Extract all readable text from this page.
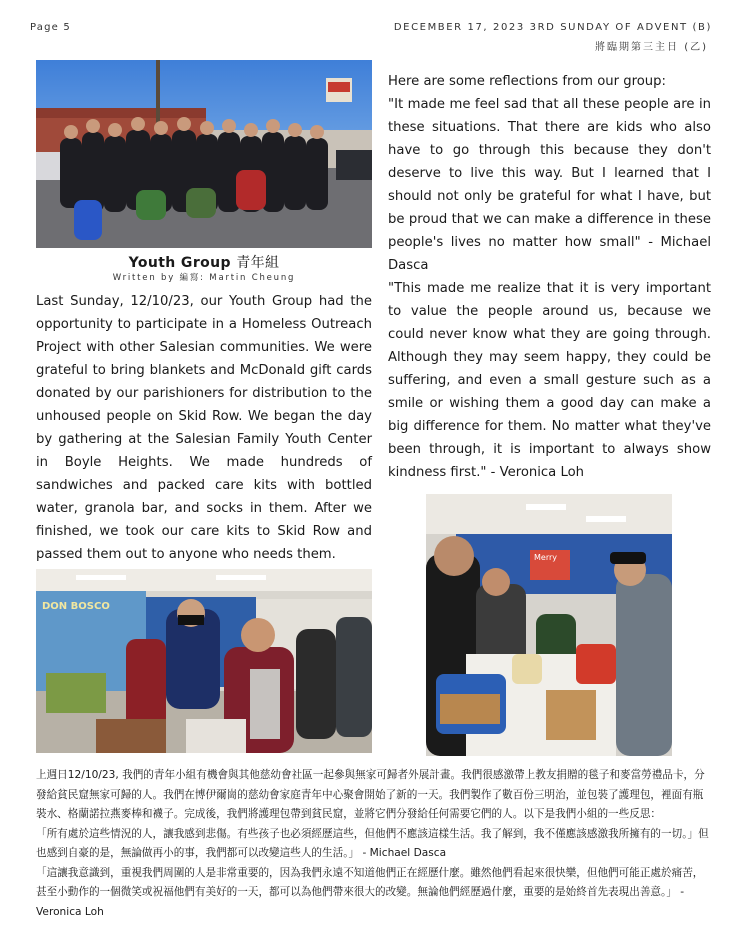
Page 5	DECEMBER 17, 2023 3RD SUNDAY OF ADVENT (B)
將臨期第三主日 (乙)
Youth Group 青年組
Written by 編寫: Martin Cheung

Last Sunday, 12/10/23, our Youth Group had the opportunity to participate in a Homeless Outreach Project with other Salesian communities. We were grateful to bring blankets and McDonald gift cards donated by our parishioners for distribution to the unhoused people on Skid Row. We began the day by gathering at the Salesian Family Youth Center in Boyle Heights. We made hundreds of sandwiches and packed care kits with bottled water, granola bar, and socks in them. After we finished, we took our care kits to Skid Row and passed them out to anyone who needs them.

Here are some reflections from our group:

"It made me feel sad that all these people are in these situations. That there are kids who also have to go through this because they don't deserve to live this way. But I learned that I should not only be grateful for what I have, but be proud that we can make a difference in these people's lives no matter how small" - Michael Dasca

"This made me realize that it is very important to value the people around us, because we could never know what they are going through. Although they may seem happy, they could be suffering, and even a small gesture such as a smile or wishing them a good day can make a big difference for them. No matter what they've been through, it is important to always show kindness first." - Veronica Loh

DON BOSCO
Merry

上週日12/10/23, 我們的青年小組有機會與其他慈幼會社區一起參與無家可歸者外展計畫。我們很感激帶上教友捐贈的毯子和麥當勞禮品卡，分發給貧民窟無家可歸的人。我們在博伊爾崗的慈幼會家庭青年中心聚會開始了新的一天。我們製作了數百份三明治，並包裝了護理包，裡面有瓶裝水、格蘭諾拉燕麥棒和襪子。完成後，我們將護理包帶到貧民窟，並將它們分發給任何需要它們的人。以下是我們小組的一些反思：

「所有處於這些情況的人，讓我感到悲傷。有些孩子也必須經歷這些，但他們不應該這樣生活。我了解到，我不僅應該感激我所擁有的一切。」但也感到自豪的是，無論做再小的事，我們都可以改變這些人的生活。」 - Michael Dasca

「這讓我意識到，重視我們周圍的人是非常重要的，因為我們永遠不知道他們正在經歷什麼。雖然他們看起來很快樂，但他們可能正處於痛苦，甚至小動作的一個微笑或祝福他們有美好的一天，都可以為他們帶來很大的改變。無論他們經歷過什麼，重要的是始終首先表現出善意。」 - Veronica Loh
